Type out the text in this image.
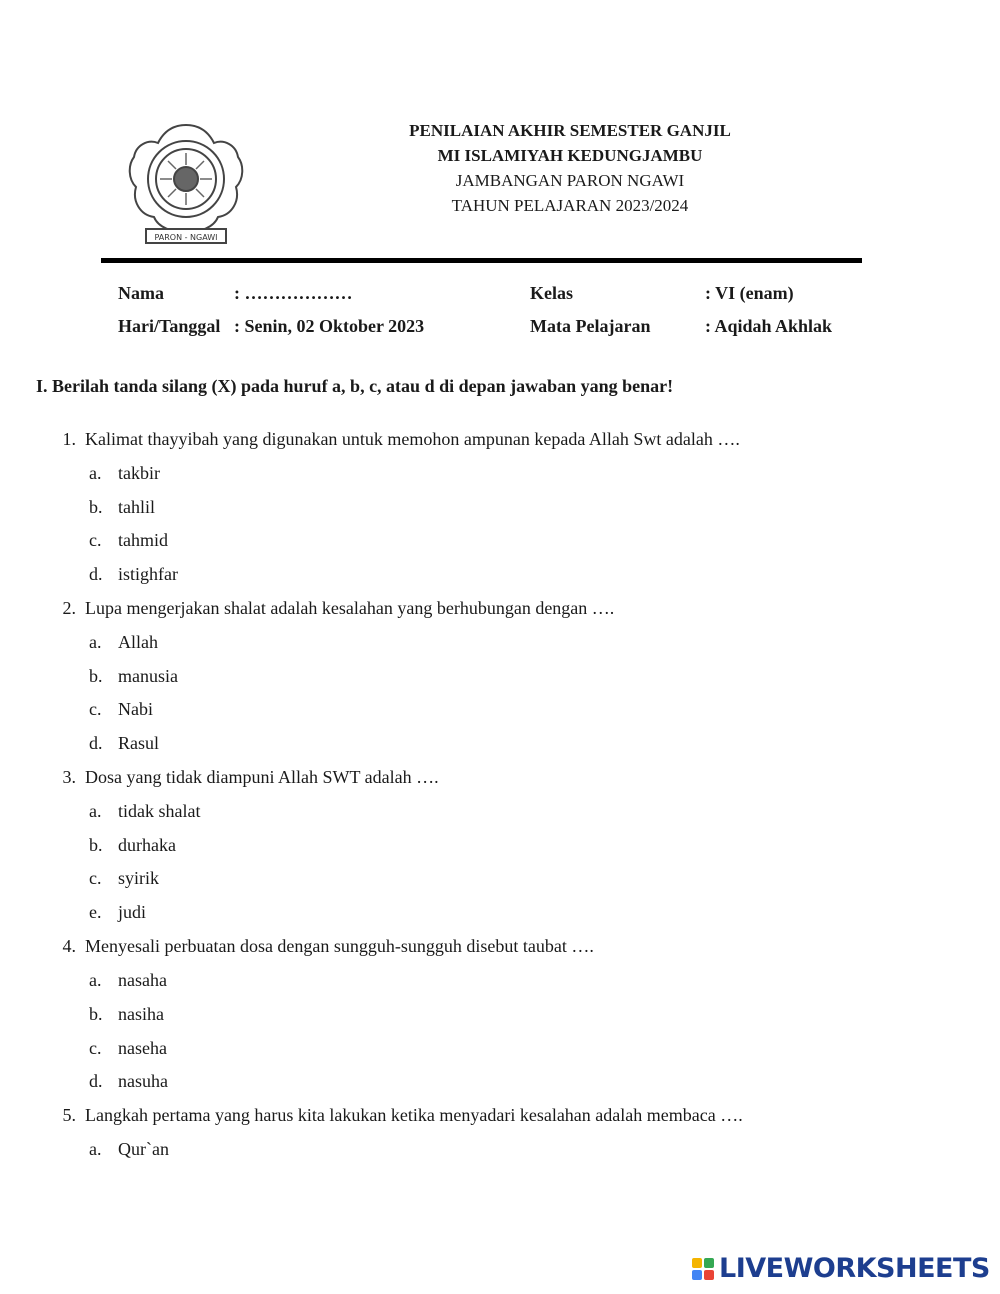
PARON - NGAWI
PENILAIAN AKHIR SEMESTER GANJIL
MI ISLAMIYAH KEDUNGJAMBU
JAMBANGAN PARON NGAWI
TAHUN PELAJARAN 2023/2024
Nama	: ………………	Kelas	: VI (enam)
Hari/Tanggal : Senin, 02 Oktober 2023	Mata Pelajaran	: Aqidah Akhlak
I. Berilah tanda silang (X) pada huruf a, b, c, atau d di depan jawaban yang benar!
1. Kalimat thayyibah yang digunakan untuk memohon ampunan kepada Allah Swt adalah ….
a. takbir
b. tahlil
c. tahmid
d. istighfar
2. Lupa mengerjakan shalat adalah kesalahan yang berhubungan dengan ….
a. Allah
b. manusia
c. Nabi
d. Rasul
3. Dosa yang tidak diampuni Allah SWT adalah ….
a. tidak shalat
b. durhaka
c. syirik
e. judi
4. Menyesali perbuatan dosa dengan sungguh-sungguh disebut taubat ….
a. nasaha
b. nasiha
c. naseha
d. nasuha
5. Langkah pertama yang harus kita lakukan ketika menyadari kesalahan adalah membaca ….
a. Qur`an
LIVEWORKSHEETS
